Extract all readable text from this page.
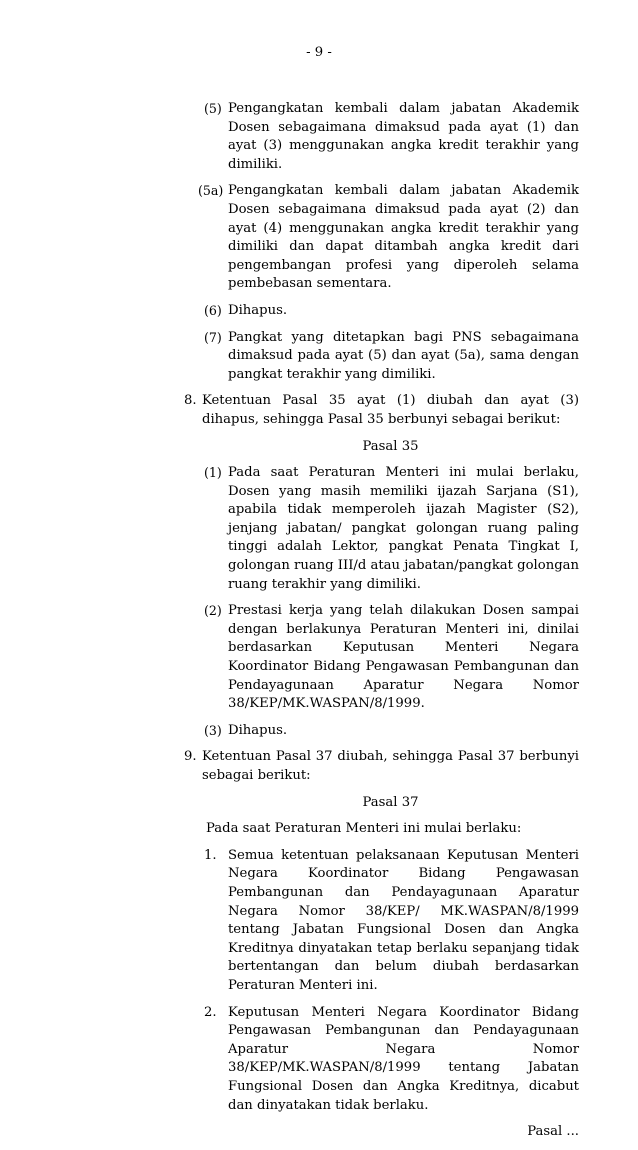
- 9 -
(5) Pengangkatan kembali dalam jabatan Akademik Dosen sebagaimana dimaksud pada ayat (1) dan ayat (3) menggunakan angka kredit terakhir yang dimiliki.
(5a) Pengangkatan kembali dalam jabatan Akademik Dosen sebagaimana dimaksud pada ayat (2) dan ayat (4) menggunakan angka kredit terakhir yang dimiliki dan dapat ditambah angka kredit dari pengembangan profesi yang diperoleh selama pembebasan sementara.
(6) Dihapus.
(7) Pangkat yang ditetapkan bagi PNS sebagaimana dimaksud pada ayat (5) dan ayat (5a), sama dengan pangkat terakhir yang dimiliki.
8. Ketentuan Pasal 35 ayat (1) diubah dan ayat (3) dihapus, sehingga Pasal 35 berbunyi sebagai berikut:
Pasal 35
(1) Pada saat Peraturan Menteri ini mulai berlaku, Dosen yang masih memiliki ijazah Sarjana (S1), apabila tidak memperoleh ijazah Magister (S2), jenjang jabatan/ pangkat golongan ruang paling tinggi adalah Lektor, pangkat Penata Tingkat I, golongan ruang III/d atau jabatan/pangkat golongan ruang terakhir yang dimiliki.
(2) Prestasi kerja yang telah dilakukan Dosen sampai dengan berlakunya Peraturan Menteri ini, dinilai berdasarkan Keputusan Menteri Negara Koordinator Bidang Pengawasan Pembangunan dan Pendayagunaan Aparatur Negara Nomor 38/KEP/MK.WASPAN/8/1999.
(3) Dihapus.
9. Ketentuan Pasal 37 diubah, sehingga Pasal 37 berbunyi sebagai berikut:
Pasal 37
Pada saat Peraturan Menteri ini mulai berlaku:
1. Semua ketentuan pelaksanaan Keputusan Menteri Negara Koordinator Bidang Pengawasan Pembangunan dan Pendayagunaan Aparatur Negara Nomor 38/KEP/ MK.WASPAN/8/1999 tentang Jabatan Fungsional Dosen dan Angka Kreditnya dinyatakan tetap berlaku sepanjang tidak bertentangan dan belum diubah berdasarkan Peraturan Menteri ini.
2. Keputusan Menteri Negara Koordinator Bidang Pengawasan Pembangunan dan Pendayagunaan Aparatur Negara Nomor 38/KEP/MK.WASPAN/8/1999 tentang Jabatan Fungsional Dosen dan Angka Kreditnya, dicabut dan dinyatakan tidak berlaku.
Pasal ...
